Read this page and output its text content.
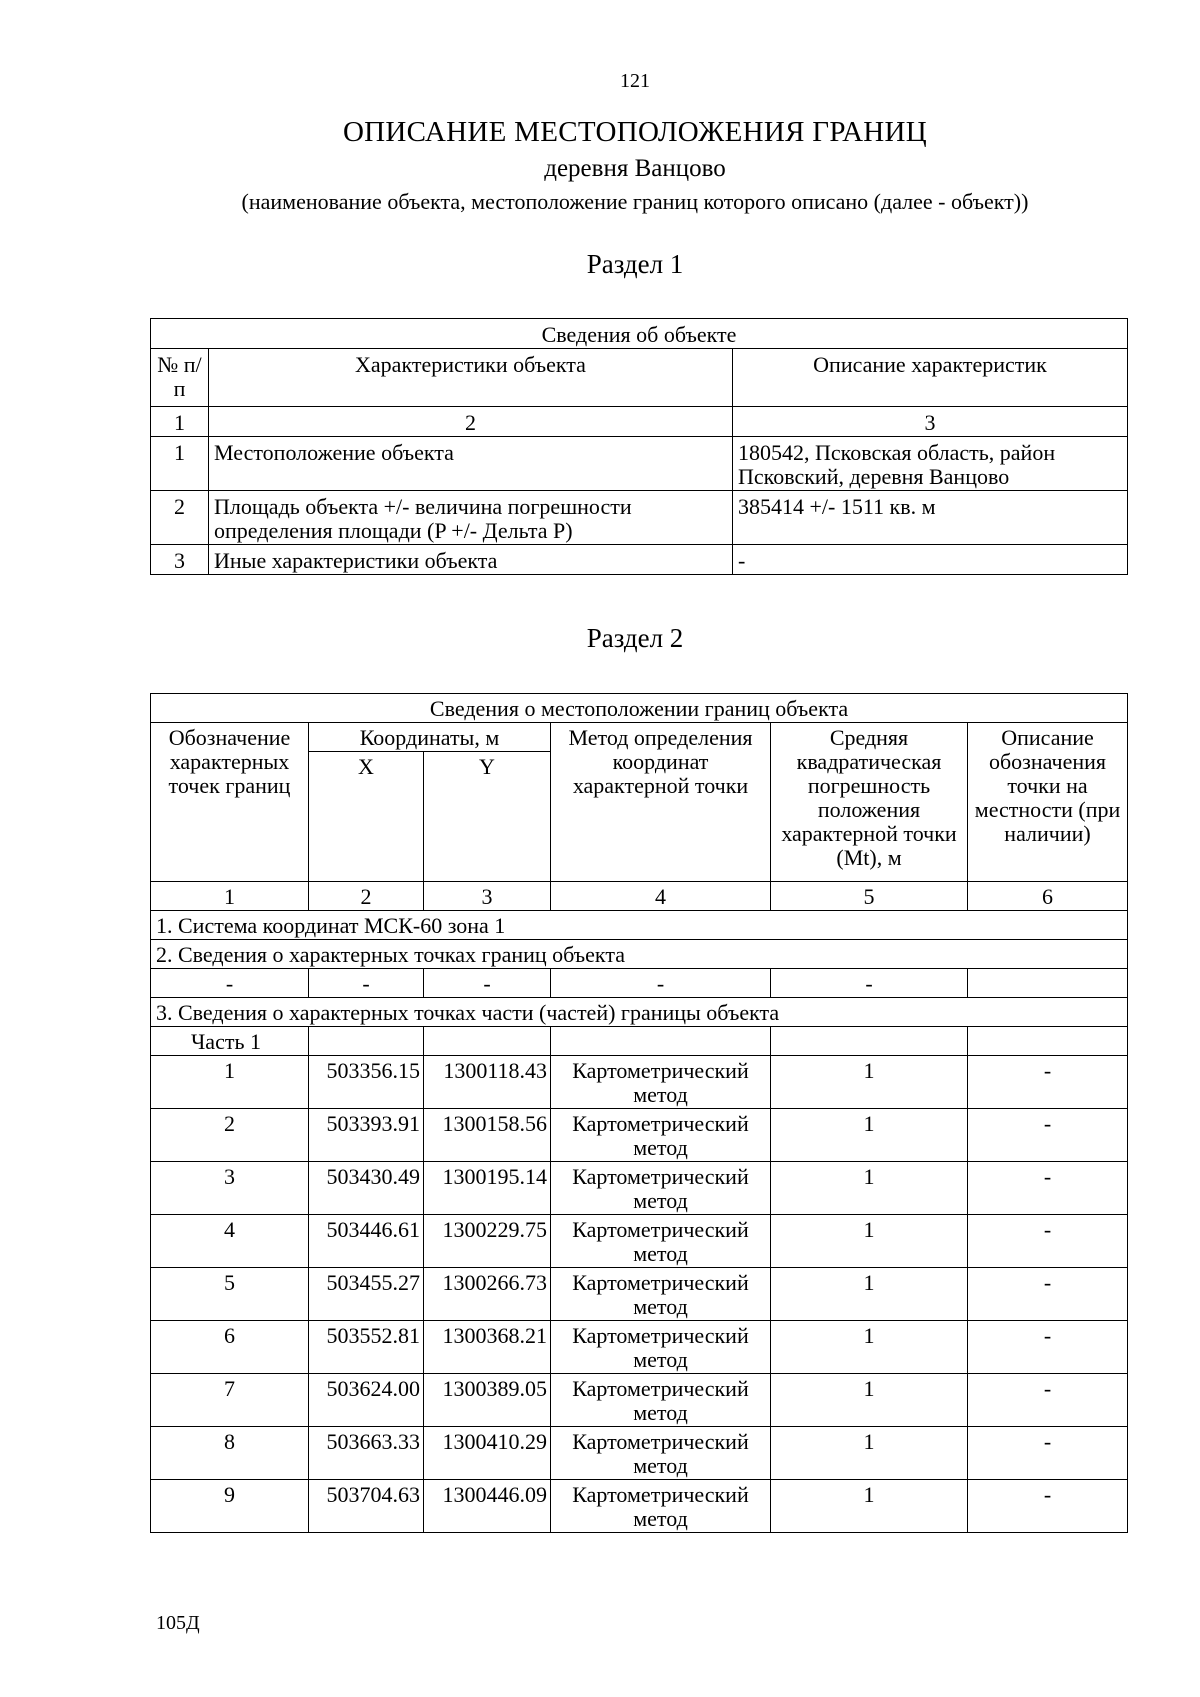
121
ОПИСАНИЕ МЕСТОПОЛОЖЕНИЯ ГРАНИЦ
деревня Ванцово
(наименование объекта, местоположение границ которого описано (далее - объект))
Раздел 1
Сведения об объекте		
№ п/п	Характеристики объекта	Описание характеристик
1	2	3
1	Местоположение объекта	180542, Псковская область, район Псковский, деревня Ванцово
2	Площадь объекта +/- величина погрешности определения площади (P +/- Дельта P)	385414 +/- 1511 кв. м
3	Иные характеристики объекта	-
Раздел 2
Сведения о местоположении границ объекта					
Обозначение характерных точек границ	Координаты, м		Метод определения координат характерной точки	Средняя квадратическая погрешность положения характерной точки (Mt), м	Описание обозначения точки на местности (при наличии)
	X	Y			
1	2	3	4	5	6
1. Система координат МСК-60 зона 1					
2. Сведения о характерных точках границ объекта					
-	-	-	-	-	
3. Сведения о характерных точках части (частей) границы объекта					
Часть 1					
1	503356.15	1300118.43	Картометрический метод	1	-
2	503393.91	1300158.56	Картометрический метод	1	-
3	503430.49	1300195.14	Картометрический метод	1	-
4	503446.61	1300229.75	Картометрический метод	1	-
5	503455.27	1300266.73	Картометрический метод	1	-
6	503552.81	1300368.21	Картометрический метод	1	-
7	503624.00	1300389.05	Картометрический метод	1	-
8	503663.33	1300410.29	Картометрический метод	1	-
9	503704.63	1300446.09	Картометрический метод	1	-
105Д
